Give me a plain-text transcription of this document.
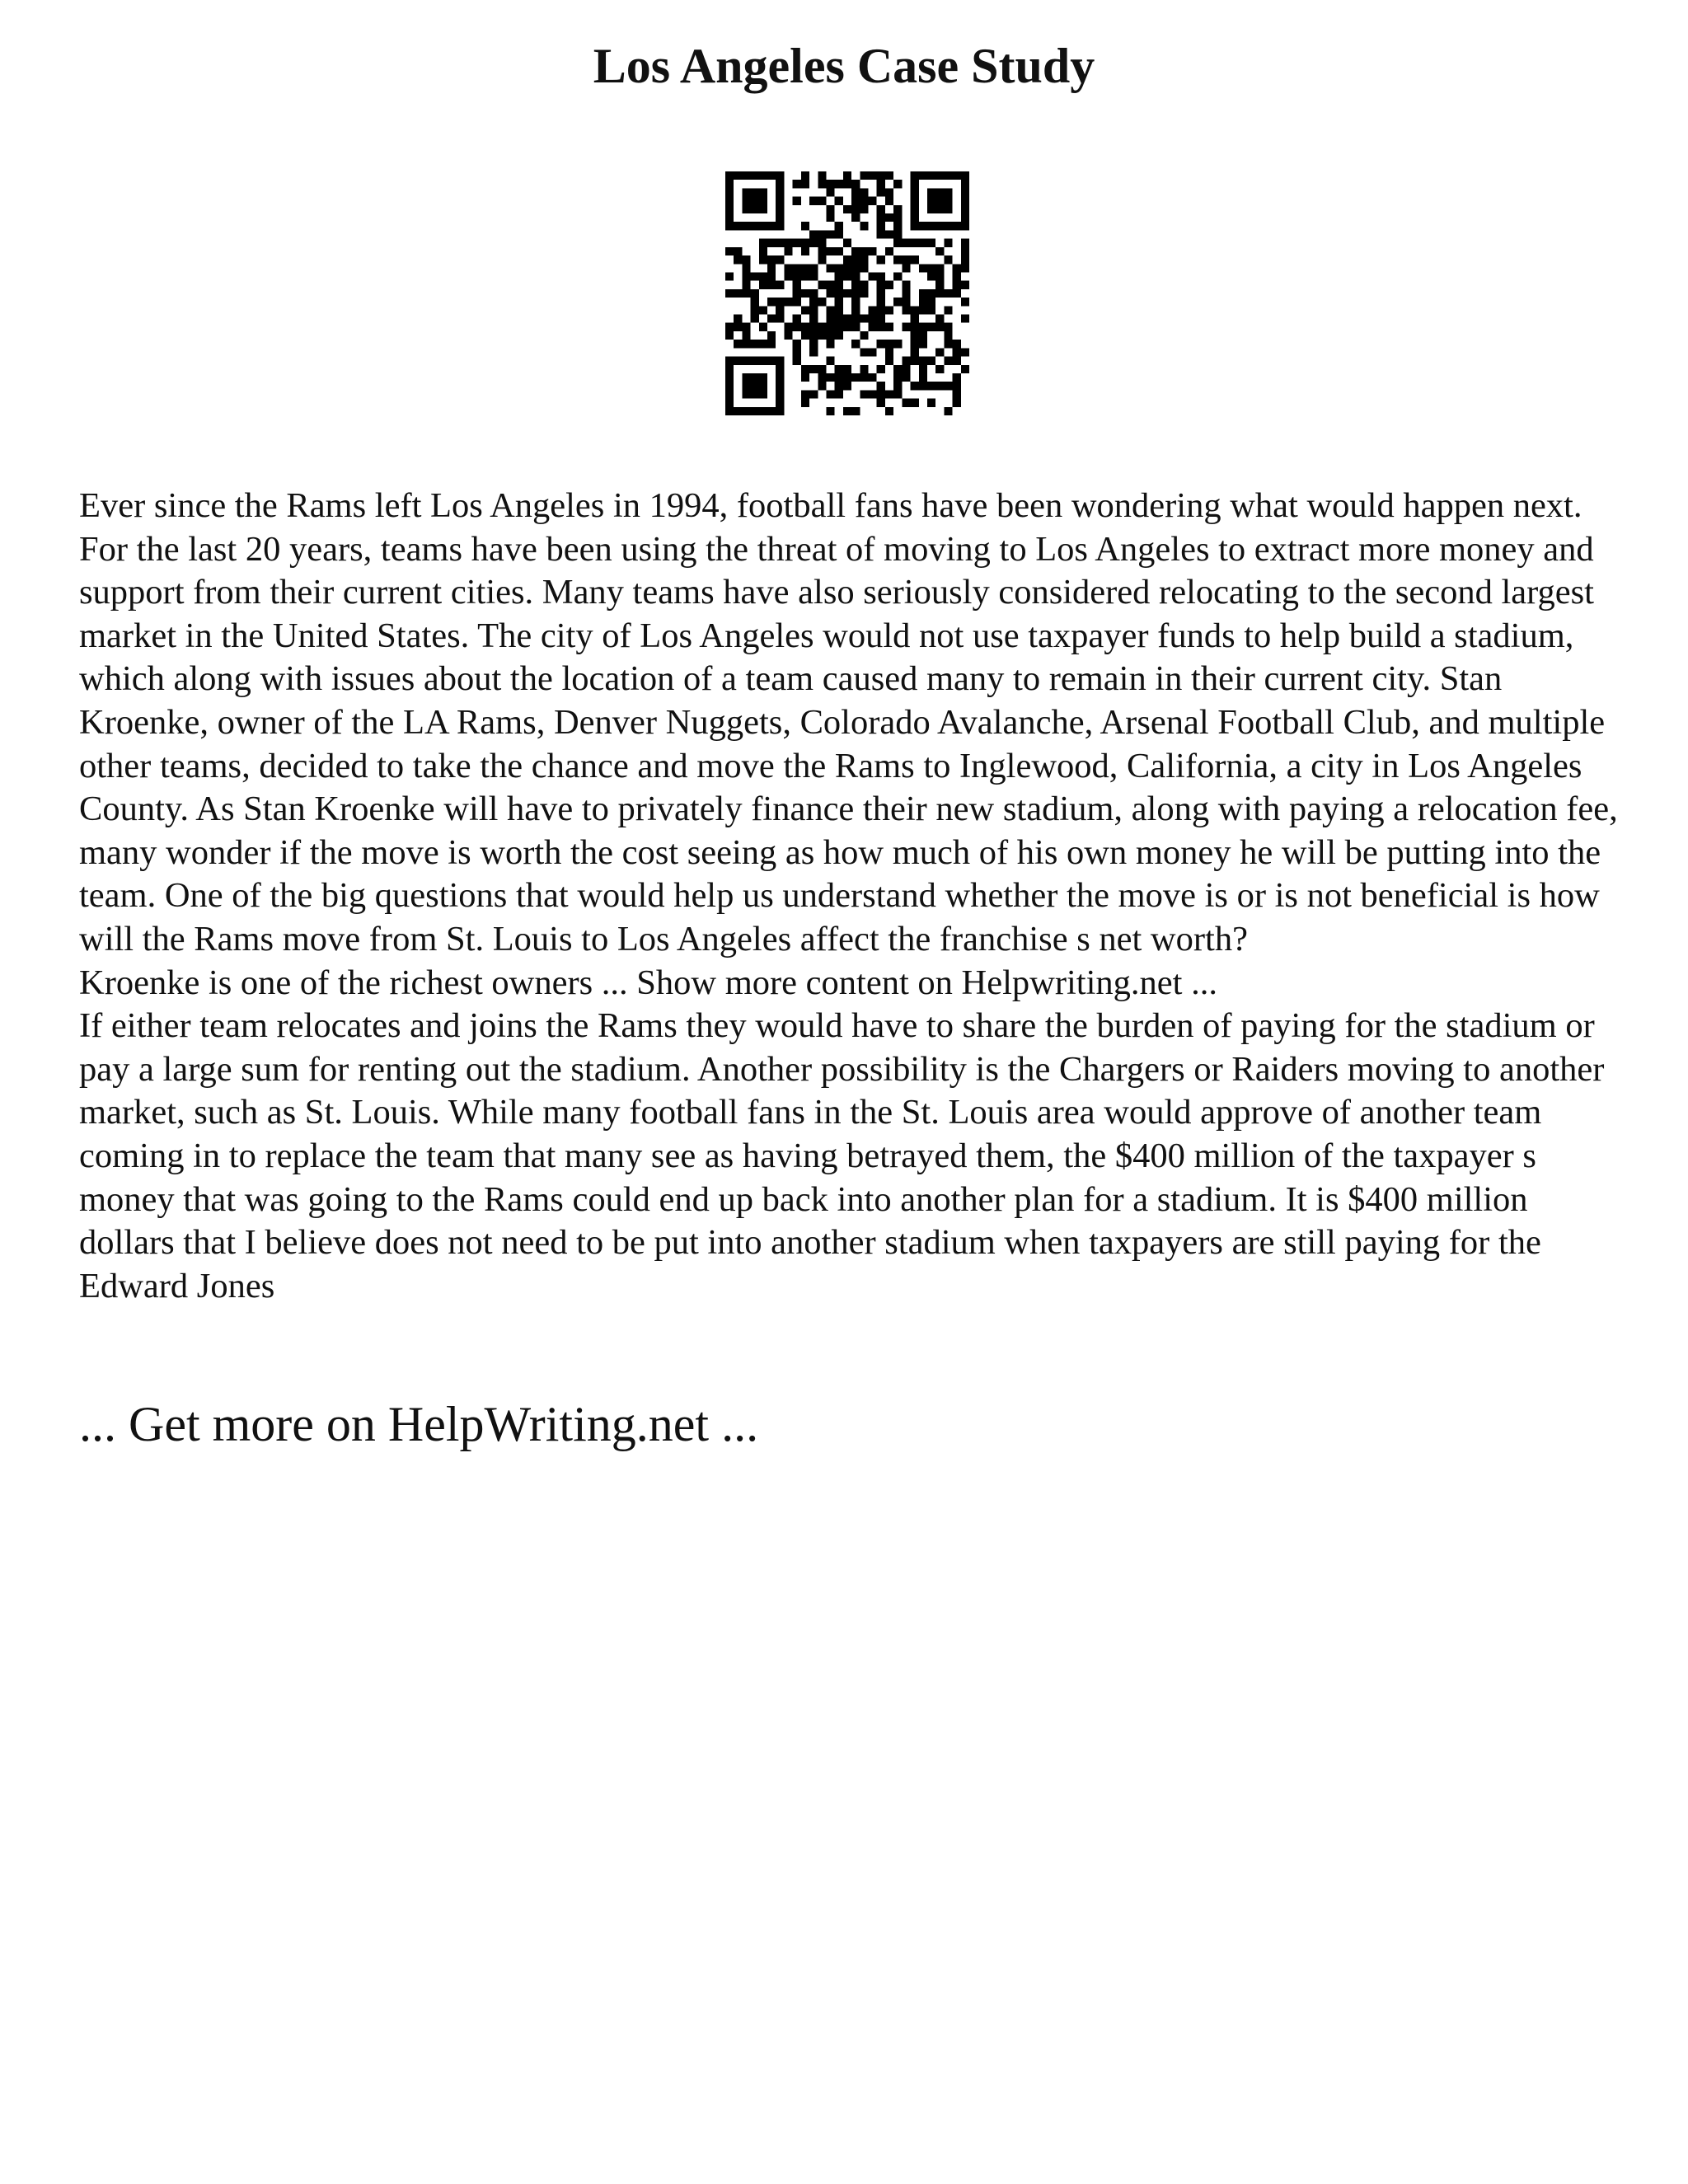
Los Angeles Case Study

Ever since the Rams left Los Angeles in 1994, football fans have been wondering what would happen next. For the last 20 years, teams have been using the threat of moving to Los Angeles to extract more money and support from their current cities. Many teams have also seriously considered relocating to the second largest market in the United States. The city of Los Angeles would not use taxpayer funds to help build a stadium, which along with issues about the location of a team caused many to remain in their current city. Stan Kroenke, owner of the LA Rams, Denver Nuggets, Colorado Avalanche, Arsenal Football Club, and multiple other teams, decided to take the chance and move the Rams to Inglewood, California, a city in Los Angeles County. As Stan Kroenke will have to privately finance their new stadium, along with paying a relocation fee, many wonder if the move is worth the cost seeing as how much of his own money he will be putting into the team. One of the big questions that would help us understand whether the move is or is not beneficial is how will the Rams move from St. Louis to Los Angeles affect the franchise s net worth?

Kroenke is one of the richest owners ... Show more content on Helpwriting.net ...

If either team relocates and joins the Rams they would have to share the burden of paying for the stadium or pay a large sum for renting out the stadium. Another possibility is the Chargers or Raiders moving to another market, such as St. Louis. While many football fans in the St. Louis area would approve of another team coming in to replace the team that many see as having betrayed them, the $400 million of the taxpayer s money that was going to the Rams could end up back into another plan for a stadium. It is $400 million dollars that I believe does not need to be put into another stadium when taxpayers are still paying for the Edward Jones

... Get more on HelpWriting.net ...
